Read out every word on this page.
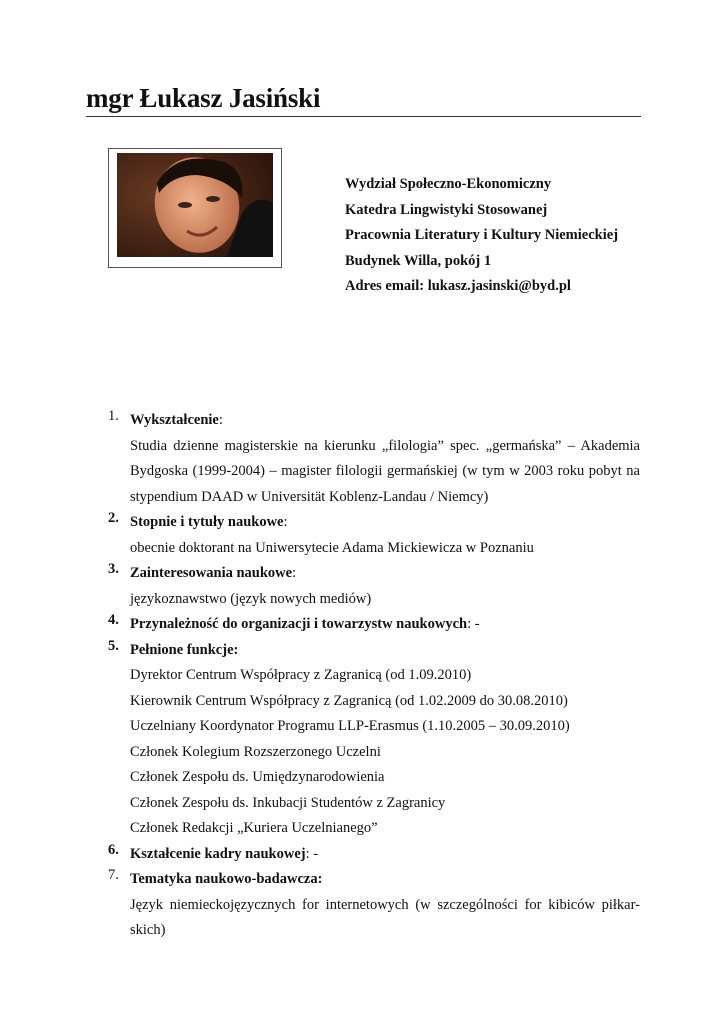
mgr Łukasz Jasiński
Wydział Społeczno-Ekonomiczny
Katedra Lingwistyki Stosowanej
Pracownia Literatury i Kultury Niemieckiej
Budynek Willa, pokój 1
Adres email: lukasz.jasinski@byd.pl
1. Wykształcenie:
Studia dzienne magisterskie na kierunku „filologia” spec. „germańska” – Akademia
Bydgoska (1999-2004) – magister filologii germańskiej (w tym w 2003 roku pobyt na
stypendium DAAD w Universität Koblenz-Landau / Niemcy)
2. Stopnie i tytuły naukowe:
obecnie doktorant na Uniwersytecie Adama Mickiewicza w Poznaniu
3. Zainteresowania naukowe:
językoznawstwo (język nowych mediów)
4. Przynależność do organizacji i towarzystw naukowych: -
5. Pełnione funkcje:
Dyrektor Centrum Współpracy z Zagranicą (od 1.09.2010)
Kierownik Centrum Współpracy z Zagranicą (od 1.02.2009 do 30.08.2010)
Uczelniany Koordynator Programu LLP-Erasmus (1.10.2005 – 30.09.2010)
Członek Kolegium Rozszerzonego Uczelni
Członek Zespołu ds. Umiędzynarodowienia
Członek Zespołu ds. Inkubacji Studentów z Zagranicy
Członek Redakcji „Kuriera Uczelnianego”
6. Kształcenie kadry naukowej: -
7. Tematyka naukowo-badawcza:
Język niemieckojęzycznych for internetowych (w szczególności for kibiców piłkar-
skich)
